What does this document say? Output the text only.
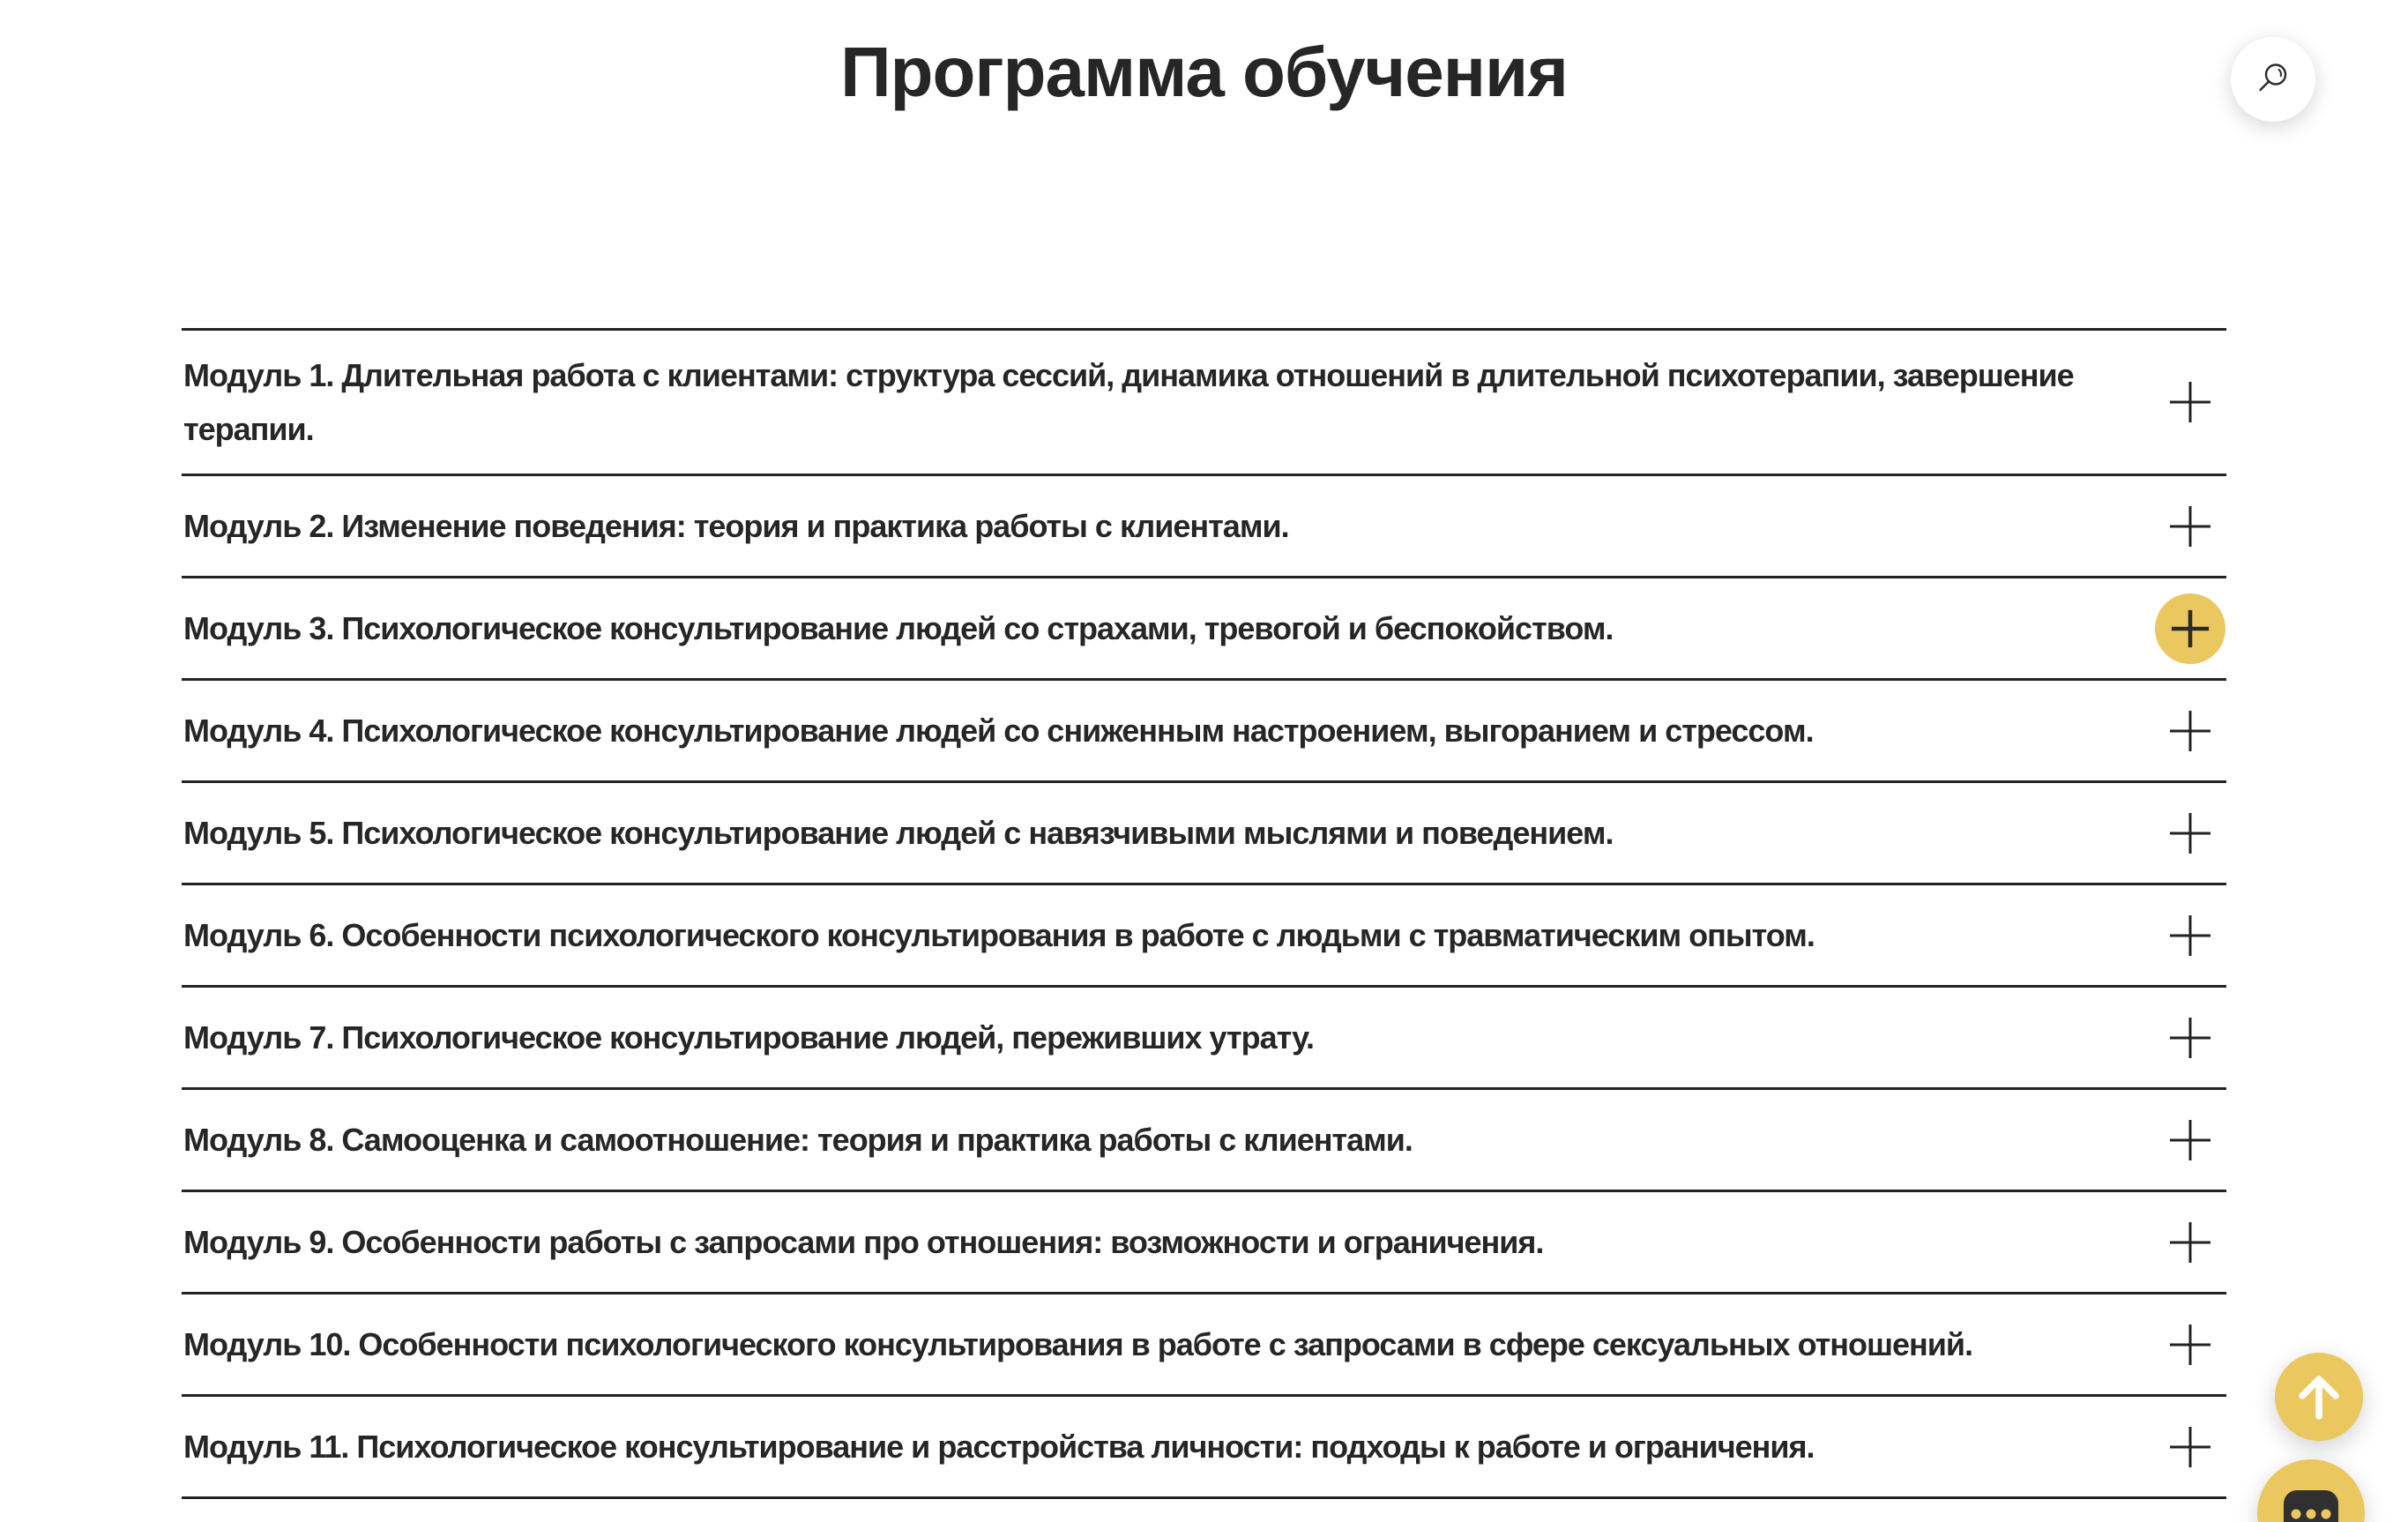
Программа обучения
Модуль 1. Длительная работа с клиентами: структура сессий, динамика отношений в длительной психотерапии, завершение терапии.
Модуль 2. Изменение поведения: теория и практика работы с клиентами.
Модуль 3. Психологическое консультирование людей со страхами, тревогой и беспокойством.
Модуль 4. Психологическое консультирование людей со сниженным настроением, выгоранием и стрессом.
Модуль 5. Психологическое консультирование людей с навязчивыми мыслями и поведением.
Модуль 6. Особенности психологического консультирования в работе с людьми с травматическим опытом.
Модуль 7. Психологическое консультирование людей, переживших утрату.
Модуль 8. Самооценка и самоотношение: теория и практика работы с клиентами.
Модуль 9. Особенности работы с запросами про отношения: возможности и ограничения.
Модуль 10. Особенности психологического консультирования в работе с запросами в сфере сексуальных отношений.
Модуль 11. Психологическое консультирование и расстройства личности: подходы к работе и ограничения.
